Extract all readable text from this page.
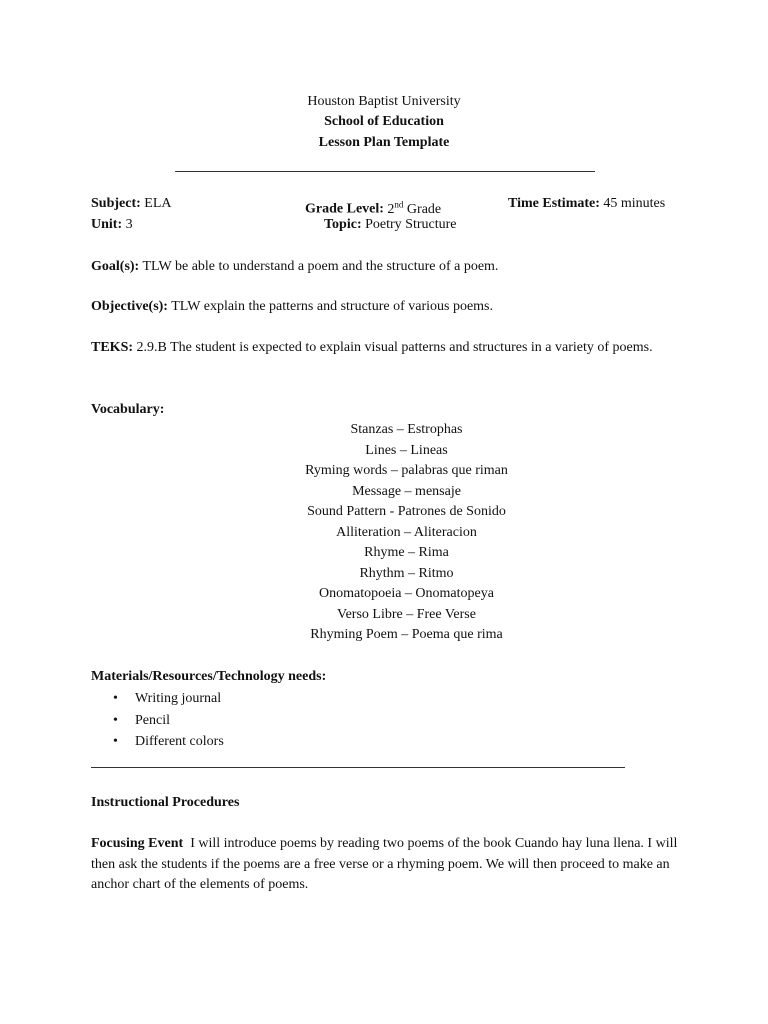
Houston Baptist University
School of Education
Lesson Plan Template
Subject: ELA	Grade Level: 2nd Grade	Time Estimate: 45 minutes
Unit: 3	Topic: Poetry Structure
Goal(s): TLW be able to understand a poem and the structure of a poem.
Objective(s): TLW explain the patterns and structure of various poems.
TEKS: 2.9.B The student is expected to explain visual patterns and structures in a variety of poems.
Vocabulary:
Stanzas – Estrophas
Lines – Lineas
Ryming words – palabras que riman
Message – mensaje
Sound Pattern - Patrones de Sonido
Alliteration – Aliteracion
Rhyme – Rima
Rhythm – Ritmo
Onomatopoeia – Onomatopeya
Verso Libre – Free Verse
Rhyming Poem – Poema que rima
Materials/Resources/Technology needs:
• Writing journal
• Pencil
• Different colors
Instructional Procedures
Focusing Event I will introduce poems by reading two poems of the book Cuando hay luna llena. I will then ask the students if the poems are a free verse or a rhyming poem. We will then proceed to make an anchor chart of the elements of poems.
